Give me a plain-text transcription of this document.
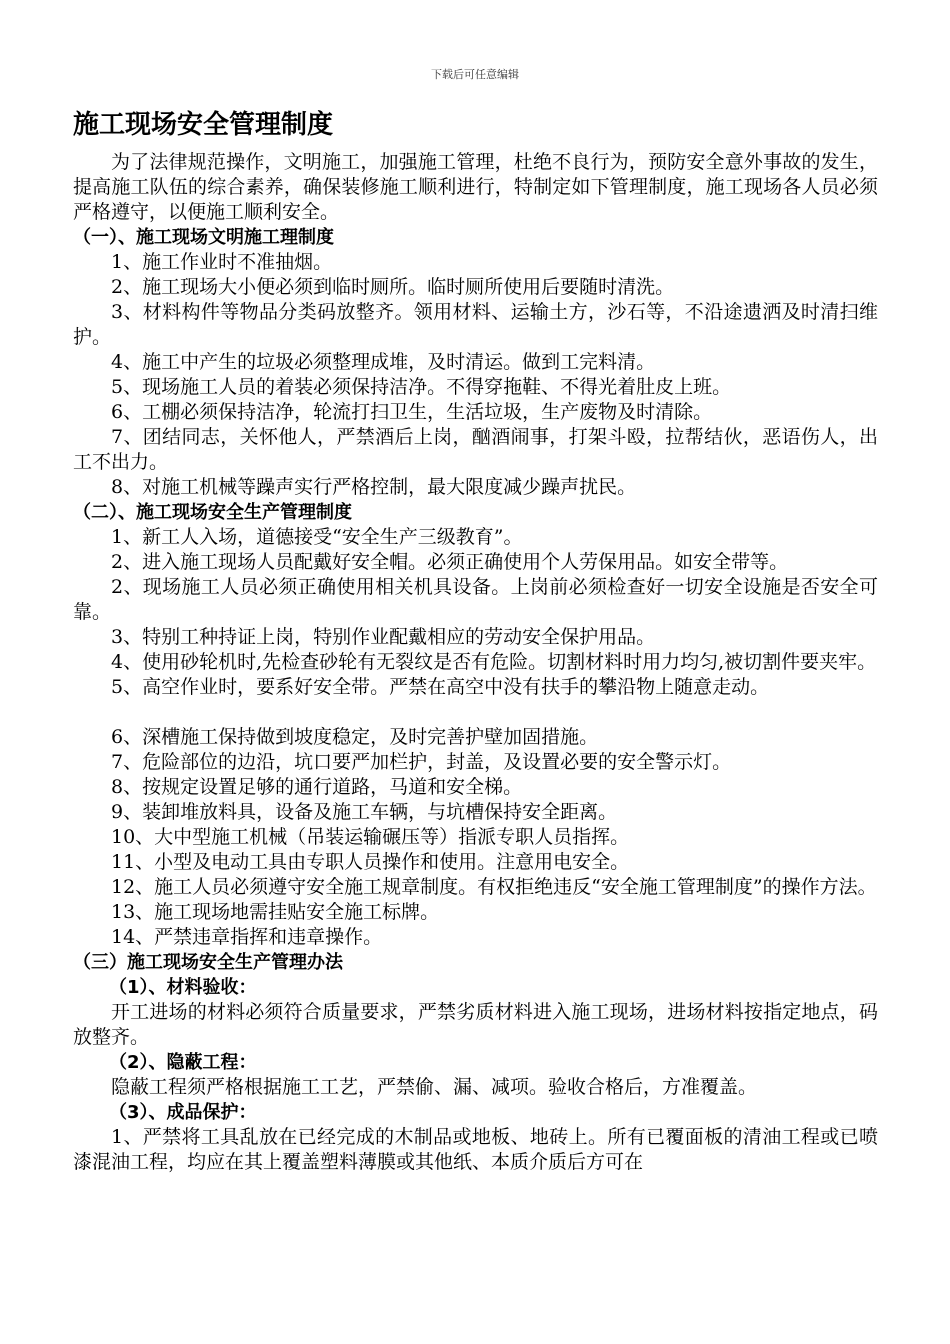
下载后可任意编辑
施工现场安全管理制度

为了法律规范操作，文明施工，加强施工管理，杜绝不良行为，预防安全意外事故的发生，提高施工队伍的综合素养，确保装修施工顺利进行，特制定如下管理制度，施工现场各人员必须严格遵守，以便施工顺利安全。

（一）、施工现场文明施工理制度

1、施工作业时不准抽烟。

2、施工现场大小便必须到临时厕所。临时厕所使用后要随时清洗。

3、材料构件等物品分类码放整齐。领用材料、运输土方，沙石等，不沿途遗洒及时清扫维护。

4、施工中产生的垃圾必须整理成堆，及时清运。做到工完料清。

5、现场施工人员的着装必须保持洁净。不得穿拖鞋、不得光着肚皮上班。

6、工棚必须保持洁净，轮流打扫卫生，生活垃圾，生产废物及时清除。

7、团结同志，关怀他人，严禁酒后上岗，酗酒闹事，打架斗殴，拉帮结伙，恶语伤人，出工不出力。

8、对施工机械等躁声实行严格控制，最大限度减少躁声扰民。

（二）、施工现场安全生产管理制度

1、新工人入场，道德接受“安全生产三级教育”。

2、进入施工现场人员配戴好安全帽。必须正确使用个人劳保用品。如安全带等。

2、现场施工人员必须正确使用相关机具设备。上岗前必须检查好一切安全设施是否安全可靠。

3、特别工种持证上岗，特别作业配戴相应的劳动安全保护用品。

4、使用砂轮机时,先检查砂轮有无裂纹是否有危险。切割材料时用力均匀,被切割件要夹牢。

5、高空作业时，要系好安全带。严禁在高空中没有扶手的攀沿物上随意走动。

6、深槽施工保持做到坡度稳定，及时完善护壁加固措施。

7、危险部位的边沿，坑口要严加栏护，封盖，及设置必要的安全警示灯。

8、按规定设置足够的通行道路，马道和安全梯。

9、装卸堆放料具，设备及施工车辆，与坑槽保持安全距离。

10、大中型施工机械（吊装运输碾压等）指派专职人员指挥。

11、小型及电动工具由专职人员操作和使用。注意用电安全。

12、施工人员必须遵守安全施工规章制度。有权拒绝违反“安全施工管理制度”的操作方法。

13、施工现场地需挂贴安全施工标牌。

14、严禁违章指挥和违章操作。

（三）施工现场安全生产管理办法

（1）、材料验收：

开工进场的材料必须符合质量要求，严禁劣质材料进入施工现场，进场材料按指定地点，码放整齐。

（2）、隐蔽工程：

隐蔽工程须严格根据施工工艺，严禁偷、漏、减项。验收合格后，方准覆盖。

（3）、成品保护：

1、严禁将工具乱放在已经完成的木制品或地板、地砖上。所有已覆面板的清油工程或已喷漆混油工程，均应在其上覆盖塑料薄膜或其他纸、本质介质后方可在
